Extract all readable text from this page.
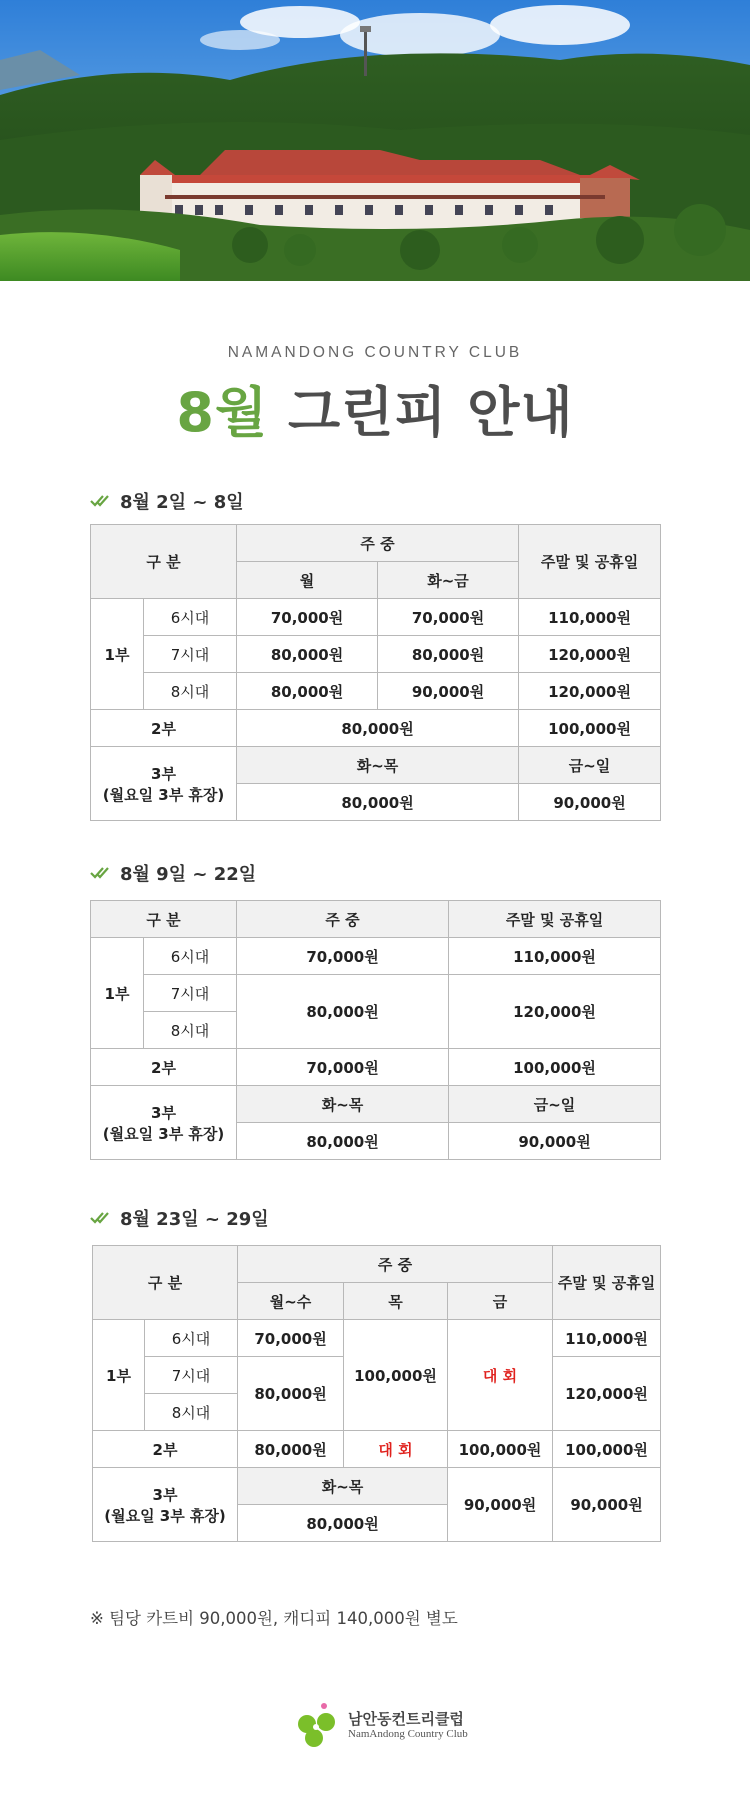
NAMANDONG COUNTRY CLUB
8월 그린피 안내
8월 2일 ~ 8일
구 분		주 중		주말 및 공휴일
		월	화~금	
1부	6시대	70,000원	70,000원	110,000원
	7시대	80,000원	80,000원	120,000원
	8시대	80,000원	90,000원	120,000원
2부		80,000원		100,000원

3부
(월요일 3부 휴장)		화~목		금~일
		80,000원		90,000원
8월 9일 ~ 22일
구 분		주 중	주말 및 공휴일
1부	6시대	70,000원	110,000원
	7시대	80,000원	120,000원
	8시대		
2부		70,000원	100,000원

3부
(월요일 3부 휴장)		화~목	금~일
		80,000원	90,000원
8월 23일 ~ 29일
구 분		주 중			주말 및 공휴일
		월~수	목	금	
1부	6시대	70,000원	100,000원	대 회	110,000원
	7시대	80,000원			120,000원
	8시대				
2부		80,000원	대 회	100,000원	100,000원

3부
(월요일 3부 휴장)		화~목		90,000원	90,000원
		80,000원			
※ 팀당 카트비 90,000원, 캐디피 140,000원 별도
남안동컨트리클럽
NamAndong Country Club
